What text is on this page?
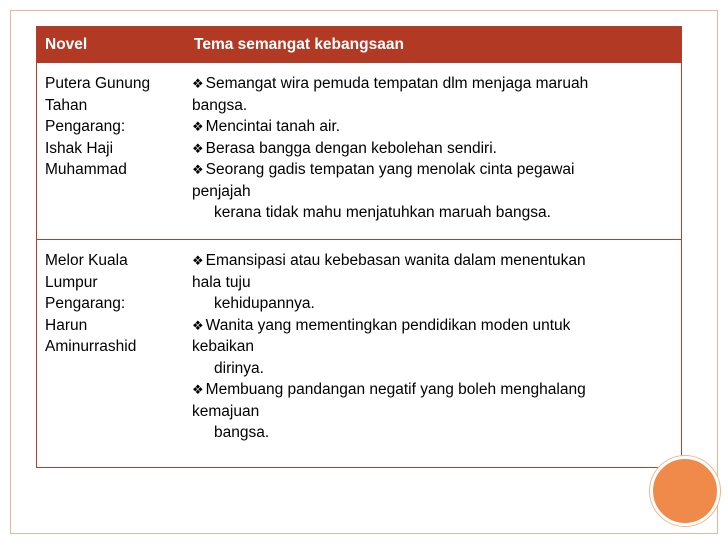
Novel	Tema semangat kebangsaan
Putera Gunung
Tahan
Pengarang:
Ishak Haji
Muhammad
❖ Semangat wira pemuda tempatan dlm menjaga maruah
bangsa.
❖ Mencintai tanah air.
❖ Berasa bangga dengan kebolehan sendiri.
❖ Seorang gadis tempatan yang menolak cinta pegawai
penjajah
kerana tidak mahu menjatuhkan maruah bangsa.
Melor Kuala
Lumpur
Pengarang:
Harun
Aminurrashid
❖ Emansipasi atau kebebasan wanita dalam menentukan
hala tuju
kehidupannya.
❖ Wanita yang mementingkan pendidikan moden untuk
kebaikan
dirinya.
❖ Membuang pandangan negatif yang boleh menghalang
kemajuan
bangsa.
